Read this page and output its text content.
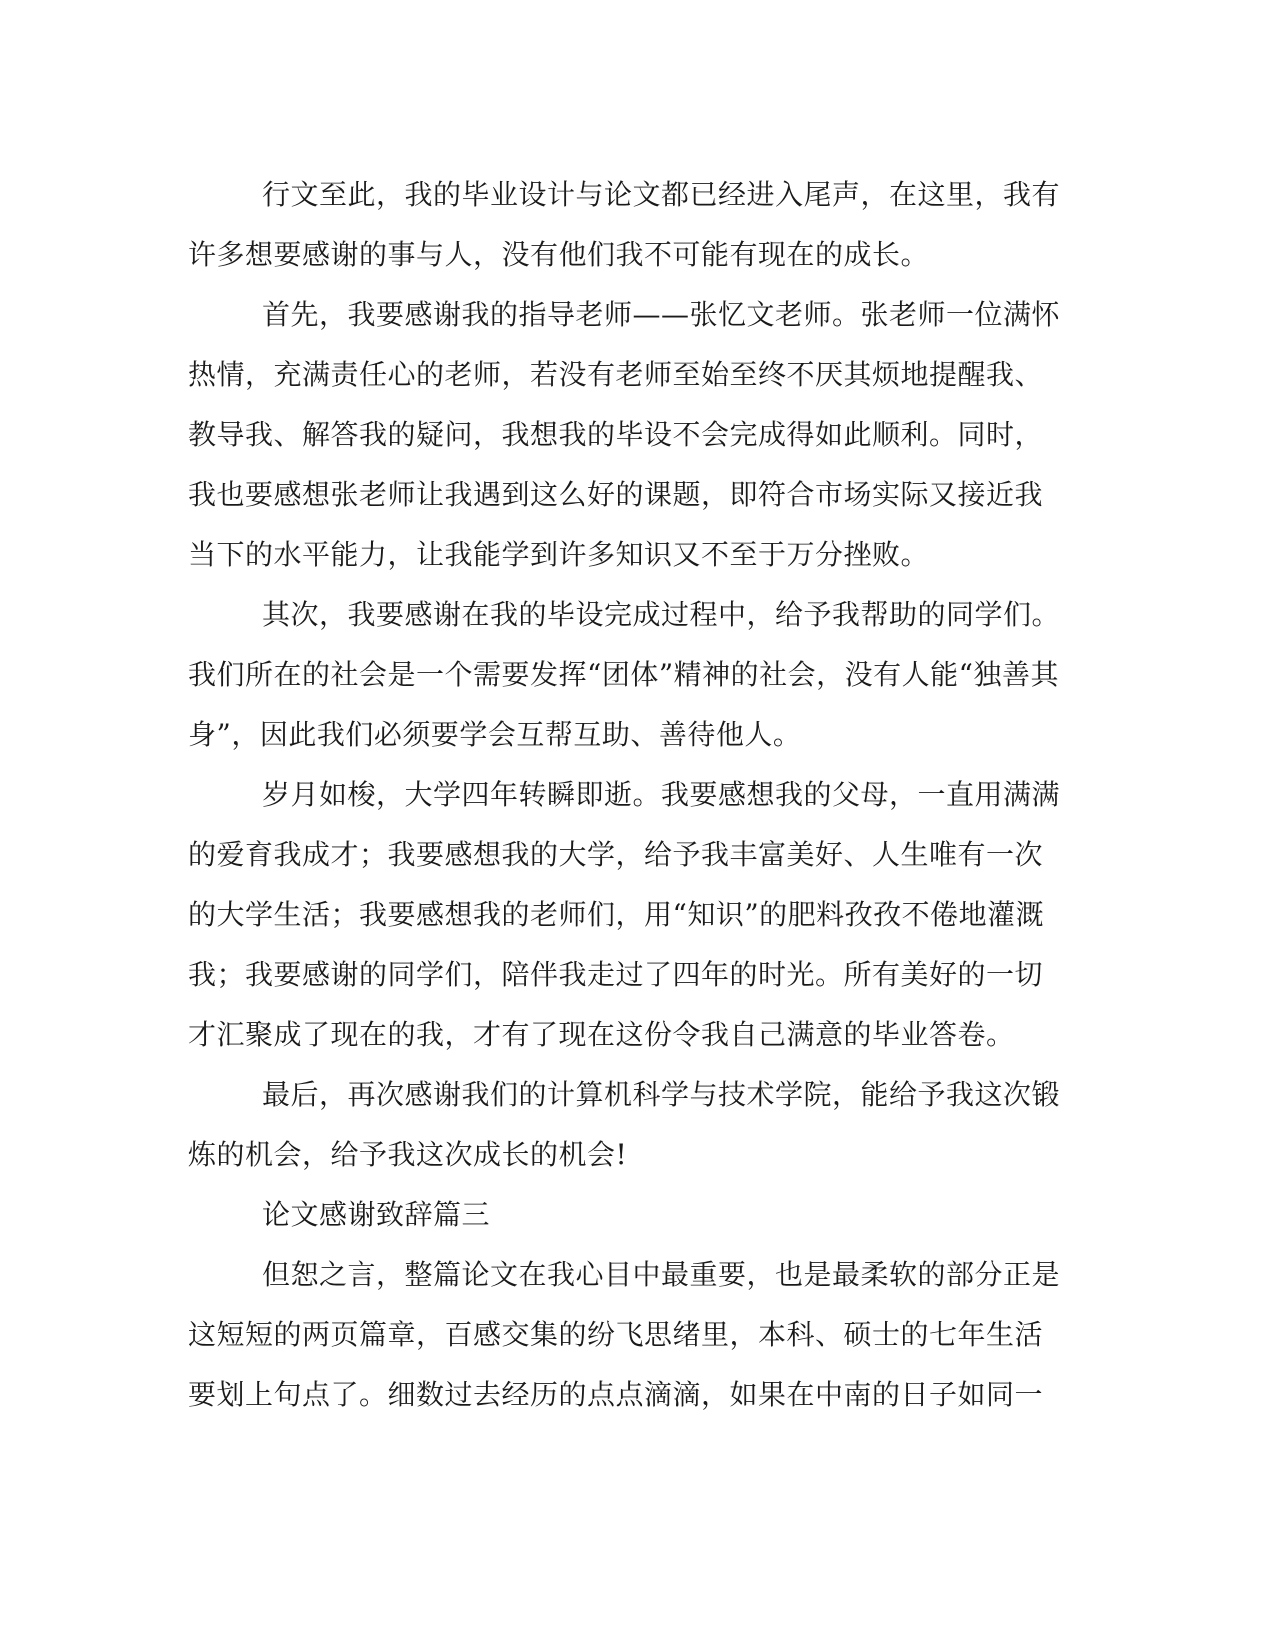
行文至此，我的毕业设计与论文都已经进入尾声，在这里，我有
许多想要感谢的事与人，没有他们我不可能有现在的成长。
首先，我要感谢我的指导老师——张忆文老师。张老师一位满怀
热情，充满责任心的老师，若没有老师至始至终不厌其烦地提醒我、
教导我、解答我的疑问，我想我的毕设不会完成得如此顺利。同时，
我也要感想张老师让我遇到这么好的课题，即符合市场实际又接近我
当下的水平能力，让我能学到许多知识又不至于万分挫败。
其次，我要感谢在我的毕设完成过程中，给予我帮助的同学们。
我们所在的社会是一个需要发挥“团体”精神的社会，没有人能“独善其
身”，因此我们必须要学会互帮互助、善待他人。
岁月如梭，大学四年转瞬即逝。我要感想我的父母，一直用满满
的爱育我成才；我要感想我的大学，给予我丰富美好、人生唯有一次
的大学生活；我要感想我的老师们，用“知识”的肥料孜孜不倦地灌溉
我；我要感谢的同学们，陪伴我走过了四年的时光。所有美好的一切
才汇聚成了现在的我，才有了现在这份令我自己满意的毕业答卷。
最后，再次感谢我们的计算机科学与技术学院，能给予我这次锻
炼的机会，给予我这次成长的机会!
论文感谢致辞篇三
但恕之言，整篇论文在我心目中最重要，也是最柔软的部分正是
这短短的两页篇章，百感交集的纷飞思绪里，本科、硕士的七年生活
要划上句点了。细数过去经历的点点滴滴，如果在中南的日子如同一
